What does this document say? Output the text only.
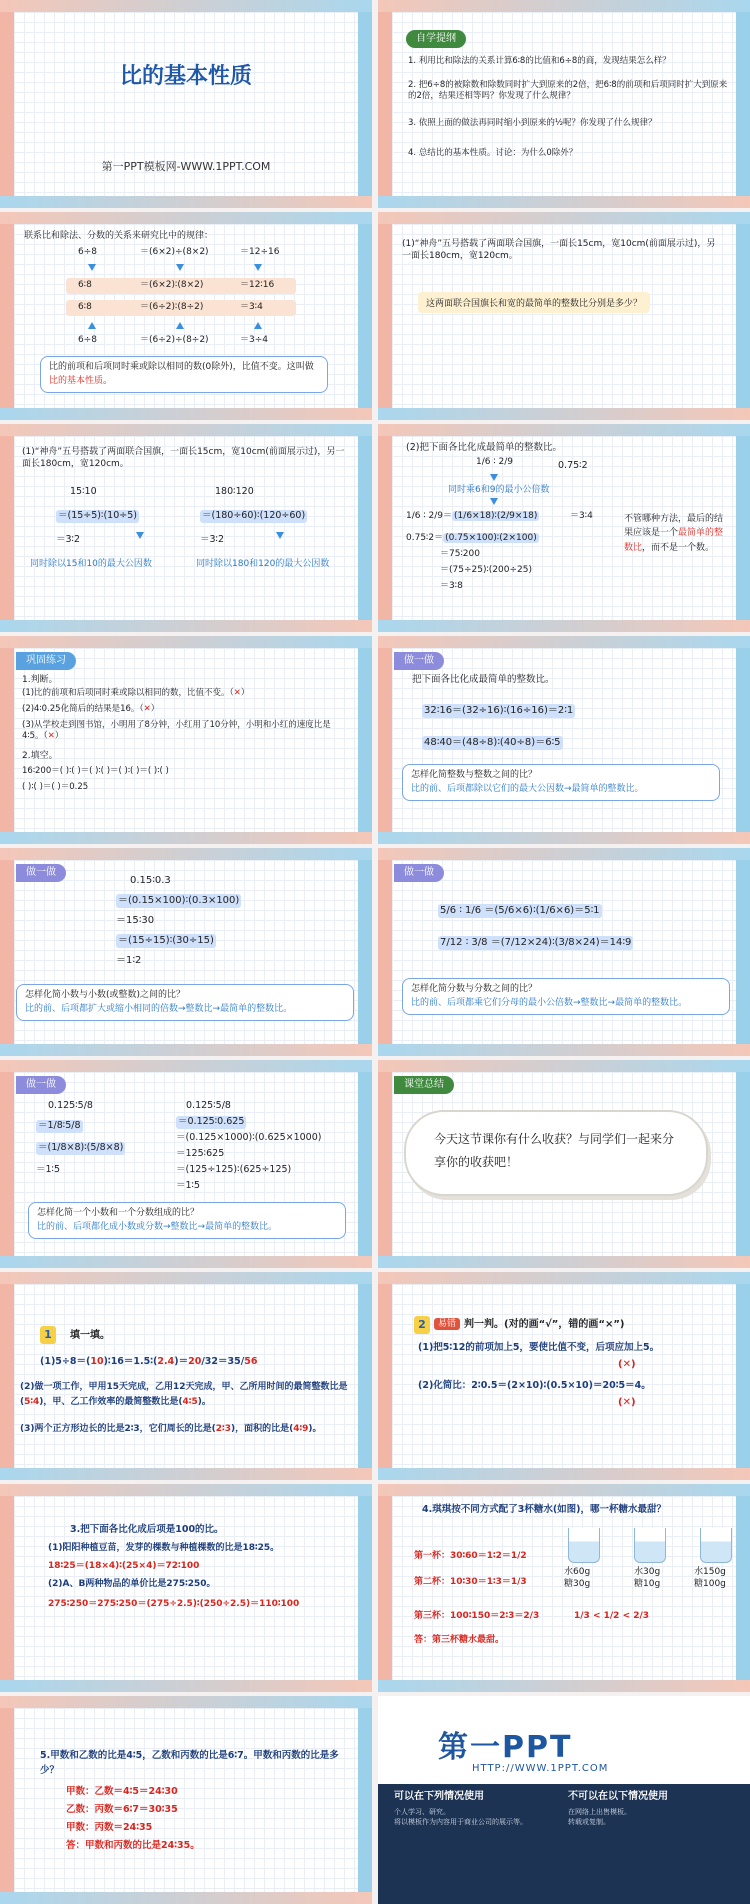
比的基本性质
第一PPT模板网-WWW.1PPT.COM
自学提纲
1. 利用比和除法的关系计算6∶8的比值和6÷8的商，发现结果怎么样？
2. 把6÷8的被除数和除数同时扩大到原来的2倍，把6∶8的前项和后项同时扩大到原来的2倍，结果还相等吗？你发现了什么规律？
3. 依照上面的做法再同时缩小到原来的½呢？你发现了什么规律？
4. 总结比的基本性质。讨论：为什么0除外？
联系比和除法、分数的关系来研究比中的规律：
6÷8	＝(6×2)÷(8×2)	＝12÷16
6∶8	＝(6×2)∶(8×2)	＝12∶16
6∶8	＝(6÷2)∶(8÷2)	＝3∶4
6÷8	＝(6÷2)÷(8÷2)	＝3÷4
比的前项和后项同时乘或除以相同的数(0除外)，比值不变。这叫做比的基本性质。
(1)“神舟”五号搭载了两面联合国旗，一面长15cm，宽10cm(前面展示过)，另一面长180cm，宽120cm。
这两面联合国旗长和宽的最简单的整数比分别是多少？
(1)“神舟”五号搭载了两面联合国旗，一面长15cm，宽10cm(前面展示过)，另一面长180cm，宽120cm。
15∶10
＝(15÷5)∶(10÷5)
＝3∶2
同时除以15和10的最大公因数
180∶120
＝(180÷60)∶(120÷60)
＝3∶2
同时除以180和120的最大公因数
(2)把下面各比化成最简单的整数比。
1/6 ∶ 2/9	0.75∶2
同时乘6和9的最小公倍数
1/6 ∶ 2/9＝ (1/6×18)∶(2/9×18)	＝3∶4
0.75∶2＝ (0.75×100)∶(2×100)
＝75∶200
＝(75÷25)∶(200÷25)
＝3∶8
不管哪种方法，最后的结果应该是一个最简单的整数比，而不是一个数。
巩固练习
1.判断。
(1)比的前项和后项同时乘或除以相同的数，比值不变。（✕）
(2)4∶0.25化简后的结果是16。（✕）
(3)从学校走到图书馆，小明用了8分钟，小红用了10分钟，小明和小红的速度比是4∶5。（✕）
2.填空。
16∶200＝( )∶( )＝( )∶( )＝( )∶( )＝( )∶( )
( )∶( )＝( )＝0.25
做一做
把下面各比化成最简单的整数比。
32∶16＝(32÷16)∶(16÷16)＝2∶1
48∶40＝(48÷8)∶(40÷8)＝6∶5
怎样化简整数与整数之间的比？
比的前、后项都除以它们的最大公因数→最简单的整数比。
做一做
0.15∶0.3
＝(0.15×100)∶(0.3×100)
＝15∶30
＝(15÷15)∶(30÷15)
＝1∶2
怎样化简小数与小数(或整数)之间的比？
比的前、后项都扩大或缩小相同的倍数→整数比→最简单的整数比。
做一做
5/6 ∶ 1/6 ＝(5/6×6)∶(1/6×6)＝5∶1
7/12 ∶ 3/8 ＝(7/12×24)∶(3/8×24)＝14∶9
怎样化简分数与分数之间的比？
比的前、后项都乘它们分母的最小公倍数→整数比→最简单的整数比。
做一做
0.125∶5/8
＝1/8∶5/8
＝(1/8×8)∶(5/8×8)
＝1∶5
0.125∶5/8
＝0.125∶0.625
＝(0.125×1000)∶(0.625×1000)
＝125∶625
＝(125÷125)∶(625÷125)
＝1∶5
怎样化简一个小数和一个分数组成的比？
比的前、后项都化成小数或分数→整数比→最简单的整数比。
课堂总结
今天这节课你有什么收获？与同学们一起来分享你的收获吧！
1	填一填。
(1)5÷8＝(10)∶16＝1.5∶(2.4)＝20/32＝35/56
(2)做一项工作，甲用15天完成，乙用12天完成，甲、乙所用时间的最简整数比是(5∶4)，甲、乙工作效率的最简整数比是(4∶5)。
(3)两个正方形边长的比是2∶3，它们周长的比是(2∶3)，面积的比是(4∶9)。
2	易错 判一判。(对的画“√”，错的画“×”)
(1)把5∶12的前项加上5，要使比值不变，后项应加上5。
(✕)
(2)化简比：2∶0.5＝(2×10)∶(0.5×10)＝20∶5＝4。
(✕)
3.把下面各比化成后项是100的比。
(1)阳阳种植豆苗，发芽的棵数与种植棵数的比是18∶25。
18∶25＝(18×4)∶(25×4)＝72∶100
(2)A、B两种物品的单价比是275∶250。
275∶250＝275∶250＝(275÷2.5)∶(250÷2.5)＝110∶100
4.琪琪按不同方式配了3杯糖水(如图)，哪一杯糖水最甜？
水60g
糖30g
水30g
糖10g
水150g
糖100g
第一杯：30∶60＝1∶2＝1/2
第二杯：10∶30＝1∶3＝1/3
第三杯：100∶150＝2∶3＝2/3	1/3 < 1/2 < 2/3
答：第三杯糖水最甜。
5.甲数和乙数的比是4∶5，乙数和丙数的比是6∶7。甲数和丙数的比是多少？
甲数：乙数＝4∶5＝24∶30
乙数：丙数＝6∶7＝30∶35
甲数：丙数＝24∶35
答：甲数和丙数的比是24∶35。
第一PPT
HTTP://WWW.1PPT.COM
可以在下列情况使用	不可以在以下情况使用
个人学习、研究。
将以模板作为内容用于商业公司的展示等。
在网络上出售模板。
转载或复制。
